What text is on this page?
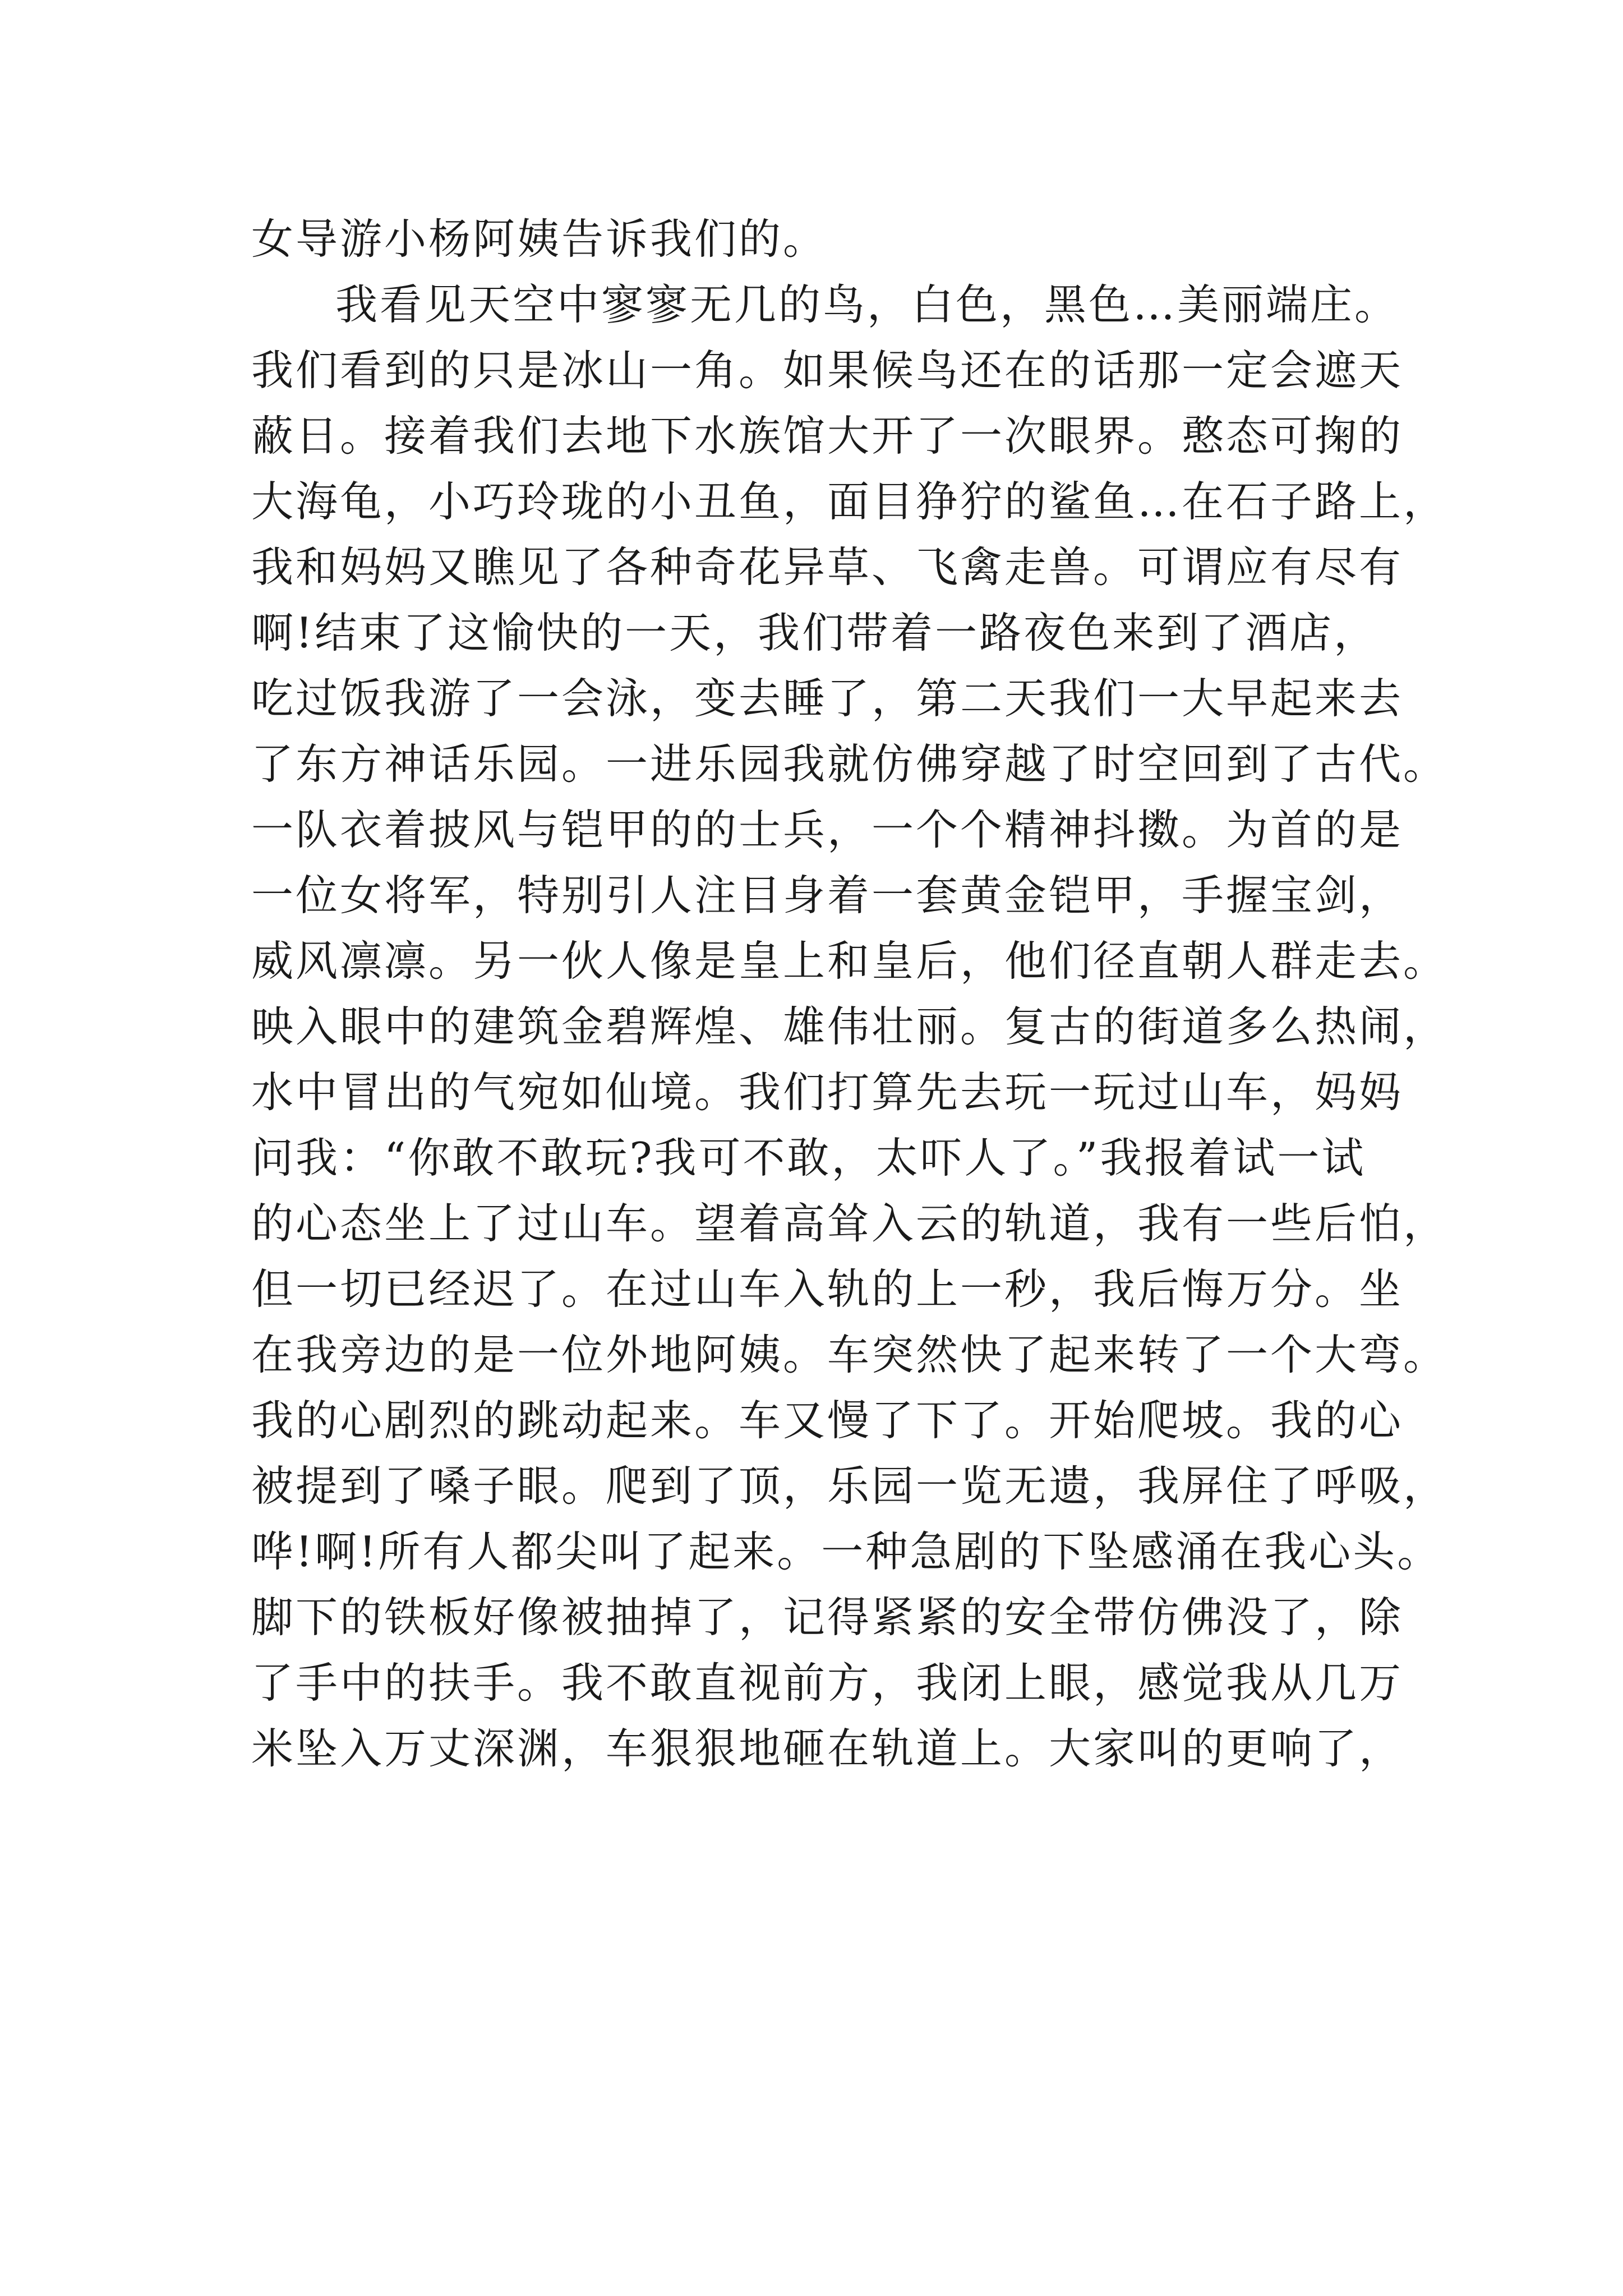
女导游小杨阿姨告诉我们的。
我看见天空中寥寥无几的鸟，白色，黑色…美丽端庄。
我们看到的只是冰山一角。如果候鸟还在的话那一定会遮天
蔽日。接着我们去地下水族馆大开了一次眼界。憨态可掬的
大海龟，小巧玲珑的小丑鱼，面目狰狞的鲨鱼…在石子路上，
我和妈妈又瞧见了各种奇花异草、飞禽走兽。可谓应有尽有
啊!结束了这愉快的一天，我们带着一路夜色来到了酒店，
吃过饭我游了一会泳，变去睡了，第二天我们一大早起来去
了东方神话乐园。一进乐园我就仿佛穿越了时空回到了古代。
一队衣着披风与铠甲的的士兵，一个个精神抖擞。为首的是
一位女将军，特别引人注目身着一套黄金铠甲，手握宝剑，
威风凛凛。另一伙人像是皇上和皇后，他们径直朝人群走去。
映入眼中的建筑金碧辉煌、雄伟壮丽。复古的街道多么热闹，
水中冒出的气宛如仙境。我们打算先去玩一玩过山车，妈妈
问我：“你敢不敢玩?我可不敢，太吓人了。”我报着试一试
的心态坐上了过山车。望着高耸入云的轨道，我有一些后怕，
但一切已经迟了。在过山车入轨的上一秒，我后悔万分。坐
在我旁边的是一位外地阿姨。车突然快了起来转了一个大弯。
我的心剧烈的跳动起来。车又慢了下了。开始爬坡。我的心
被提到了嗓子眼。爬到了顶，乐园一览无遗，我屏住了呼吸，
哗!啊!所有人都尖叫了起来。一种急剧的下坠感涌在我心头。
脚下的铁板好像被抽掉了，记得紧紧的安全带仿佛没了，除
了手中的扶手。我不敢直视前方，我闭上眼，感觉我从几万
米坠入万丈深渊，车狠狠地砸在轨道上。大家叫的更响了，
